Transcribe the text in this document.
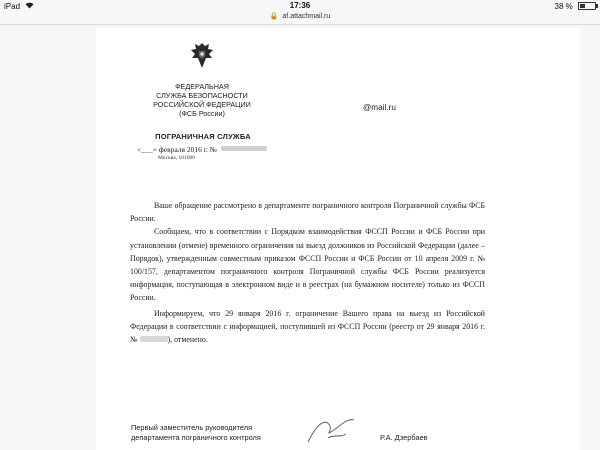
iPad	17:36	38 %
🔒 af.attachmail.ru
ФЕДЕРАЛЬНАЯ
СЛУЖБА БЕЗОПАСНОСТИ
РОССИЙСКОЙ ФЕДЕРАЦИИ
(ФСБ России)
ПОГРАНИЧНАЯ СЛУЖБА
«___» февраля 2016 г. №
Москва, 101000
@mail.ru

Ваше обращение рассмотрено в департаменте пограничного контроля Пограничной службы ФСБ России.

Сообщаем, что в соответствии с Порядком взаимодействия ФССП России и ФСБ России при установлении (отмене) временного ограничения на выезд должников из Российской Федерации (далее – Порядок), утвержденным совместным приказом ФССП России и ФСБ России от 10 апреля 2009 г. № 100/157, департаментом пограничного контроля Пограничной службы ФСБ России реализуется информация, поступающая в электронном виде и в реестрах (на бумажном носителе) только из ФССП России.

Информируем, что 29 января 2016 г. ограничение Вашего права на выезд из Российской Федерации в соответствии с информацией, поступившей из ФССП России (реестр от 29 января 2016 г. №	), отменено.

Первый заместитель руководителя департамента пограничного контроля	Р.А. Дзербаев
